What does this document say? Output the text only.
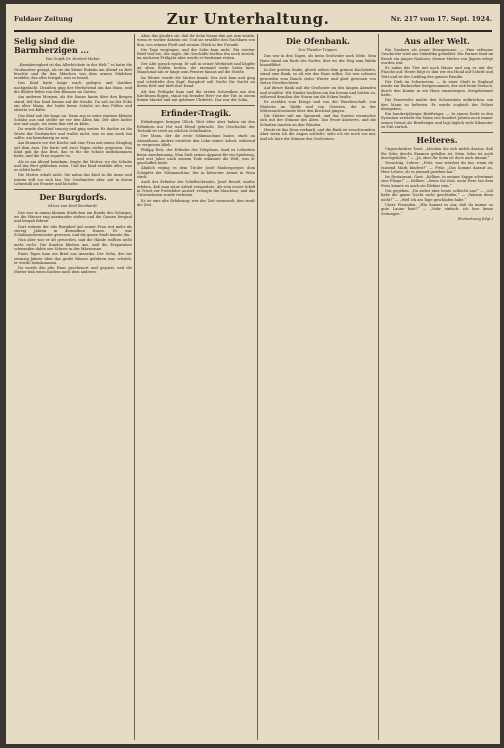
Fuldaer Zeitung	Zur Unterhaltung.	Nr. 217 vom 17. Sept. 1924.
Selig sind die Barmherzigen ...
Von Grafik Dr. Herbert Weber.

„Barmherzigkeit ist das Allerhöchste in der Welt,“ so hatte die Großmutter gesagt, als sie die kleine Enkelin am Abend zu Bett brachte und ihr das Märchen von dem armen Mädchen erzählte, das alles fortgab, was es besaß.

Das Kind hatte lange wach gelegen und darüber nachgedacht. Draußen ging der Herbstwind um das Haus, und die Blätter fielen von den Bäumen im Garten.

Am anderen Morgen, als die Sonne kaum über den Bergen stand, lief das Kind hinaus auf die Straße. Da saß an der Ecke ein alter Mann, der hatte keine Schuhe an den Füßen und zitterte vor Kälte.

Das Kind sah ihn lange an. Dann zog es seine eigenen kleinen Schuhe aus und stellte sie vor den Alten hin. Der aber lachte nur und sagte, sie seien ihm viel zu klein.

Da wurde das Kind traurig und ging weiter. Es dachte an die Worte der Großmutter und wußte nicht, was es nun noch tun sollte, um barmherzig zu sein.

Am Brunnen vor der Kirche saß eine Frau mit einem Säugling auf dem Arm. Die hatte seit zwei Tagen nichts gegessen. Das Kind gab ihr das Brot, das es für die Schule mitbekommen hatte, und die Frau segnete es.

Als es am Abend heimkam, fragte die Mutter, wo die Schuhe und das Brot geblieben seien. Und das Kind erzählte alles, was es erlebt hatte.

Die Mutter schalt nicht. Sie nahm das Kind in die Arme und weinte still vor sich hin. Die Großmutter aber saß in ihrem Lehnstuhl am Fenster und lächelte.

Der Burgdorfs.
Skizze von Emil Bernhardt.

Das war in einem kleinen Städtchen am Rande des Gebirges, wo die Häuser eng aneinander stehen und die Gassen bergauf und bergab führen.

Dort wohnte der alte Burgdorf mit seiner Frau seit mehr als vierzig Jahren in demselben Hause. Er war Schuhmachermeister gewesen, und die ganze Stadt kannte ihn.

Nun aber war er alt geworden, und die Hände wollten nicht mehr recht. Die Kunden blieben aus, und die Ersparnisse schwanden dahin wie Schnee in der Märzsonne.

Eines Tages kam ein Brief aus Amerika. Der Sohn, der vor zwanzig Jahren über das große Wasser gefahren war, schrieb, er werde heimkommen.

Da wurde das alte Haus gescheuert und geputzt, und die Mutter buk einen Kuchen nach dem anderen.

Aber, das glaubte sie, daß ihr Sohn Nanni ihm gut sein würde, wenn er wieder daheim sei. Und sie erzählte den Nachbarn von ihm, von seinem Fleiß und seinem Glück in der Fremde.

Die Tage vergingen, und der Sohn kam nicht. Ein zweiter Brief traf ein, der sagte, die Geschäfte hielten ihn noch zurück, im nächsten Frühjahr aber werde er bestimmt reisen.

Der Alte sprach wenig. Er saß in seiner Werkstatt und klopfte an alten Sohlen herum, die niemand mehr holen kam. Manchmal sah er lange zum Fenster hinaus auf die Straße.

Im Winter wurde die Mutter krank. Der Arzt kam und ging und schüttelte den Kopf. Burgdorf saß Nacht für Nacht an ihrem Bett und hielt ihre Hand.

Als das Frühjahr kam und die ersten Schwalben um den Kirchturm flogen, stand ein fremder Herr vor der Tür, in einem feinen Mantel und mit goldener Uhrkette. Das war der Sohn.

Erfinder-Tragik.

Erfindungen bringen Glück. Weit öfter aber haben sie den Erfindern nur Not und Elend gebracht. Die Geschichte der Technik ist reich an solchen Schicksalen.

Der Mann, der die erste Nähmaschine baute, starb im Armenhaus. Andere ernteten den Lohn seiner Arbeit, während er vergessen blieb.

Philipp Reis, der Erfinder des Telephons, fand zu Lebzeiten keine Anerkennung. Man hielt seinen Apparat für ein Spielzeug, und erst Jahre nach seinem Tode erkannte die Welt, was er geschaffen hatte.

Ähnlich erging es dem Tiroler Josef Madersperger, dem Schöpfer der Nähmaschine, der in bitterster Armut in Wien starb.

Auch der Erfinder der Schiffsschraube, Josef Ressel, mußte erleben, daß man seine Arbeit verspottete. Als sein erstes Schiff in Triest zur Probefahrt auslief, versagte die Maschine, und das Unternehmen wurde verboten.

Es ist eine alte Erfahrung: wer der Zeit vorauseilt, den straft die Zeit.

Die Ofenbank.
Von Theodor Trippen.

Das war in den Tagen, als mein Großvater noch lebte. Sein Haus stand am Ende des Dorfes, dort wo der Weg zum Walde hinaufführt.

In der großen Stube, gleich neben dem grünen Kachelofen, stand eine Bank, so alt wie das Haus selbst. Sie war schwarz geworden vom Rauch vieler Winter und glatt gesessen von vielen Geschlechtern.

Auf dieser Bank saß der Großvater an den langen Abenden und erzählte. Wir Kinder hockten um ihn herum und hörten zu, während draußen der Sturm um die Ecken heulte.

Er erzählte vom Kriege und von der Wanderschaft, von Räubern im Walde und von Geistern, die in der Mitternachtsstunde über den Kirchhof gingen.

Die Mutter saß am Spinnrad, und das Surren vermischte sich mit der Stimme des Alten. Das Feuer knisterte, und die Schatten tanzten an den Wänden.

Heute ist das Haus verkauft, und die Bank ist verschwunden. Aber wenn ich die Augen schließe, sehe ich sie noch vor mir, und ich höre die Stimme des Großvaters.

Aus aller Welt.

Ein Nashorn als neuer Hausgenosse. — Eine seltsame Geschichte wird aus Südafrika gemeldet. Ein Farmer fand im Busch ein junges Nashorn, dessen Mutter von Jägern erlegt worden war.

Er nahm das Tier mit nach Hause und zog es mit der Flasche auf. Heute folgt es ihm wie ein Hund auf Schritt und Tritt und ist der Liebling der ganzen Familie.

Der Dieb im Schornstein. — In einer Stadt in England wurde ein Einbrecher festgenommen, der sich beim Versuch, durch den Kamin in ein Haus einzusteigen, festgeklemmt hatte.

Die Feuerwehr mußte den Schornstein aufbrechen, um den Mann zu befreien. Er wurde sogleich der Polizei übergeben.

Ein hundertjähriger Briefträger. — In einem Dorfe in den Pyrenäen versieht ein Mann von hundert Jahren noch immer seinen Dienst als Briefträger und legt täglich viele Kilometer zu Fuß zurück.

Heiteres.

Ungeschickter Trost. „Machen Sie sich nichts daraus, daß Ihr Sohn durchs Examen gefallen ist. Mein Sohn ist auch durchgefallen.“ — „Ja, aber Ihr Sohn ist doch auch dumm!“

Vorsichtig. Lehrer: „Fritz, was würdest du tun, wenn du tausend Mark fändest?“ — Fritz: „Das kommt darauf an, Herr Lehrer, ob es jemand gesehen hat.“

Im Restaurant. Gast: „Kellner, in meiner Suppe schwimmt eine Fliege!“ — Kellner: „Seien Sie froh, mein Herr, bei dem Preis könnte es auch ein Elefant sein.“

Gut gegeben. „Du siehst aber heute schlecht aus!“ — „Ich habe die ganze Nacht nicht geschlafen.“ — „Warum denn nicht?“ — „Weil ich am Tage geschlafen habe.“

Unter Freunden. „Wie kommt es nur, daß du immer so gute Laune hast?“ — „Sehr einfach: ich lese keine Zeitungen.“

(Fortsetzung folgt.)
